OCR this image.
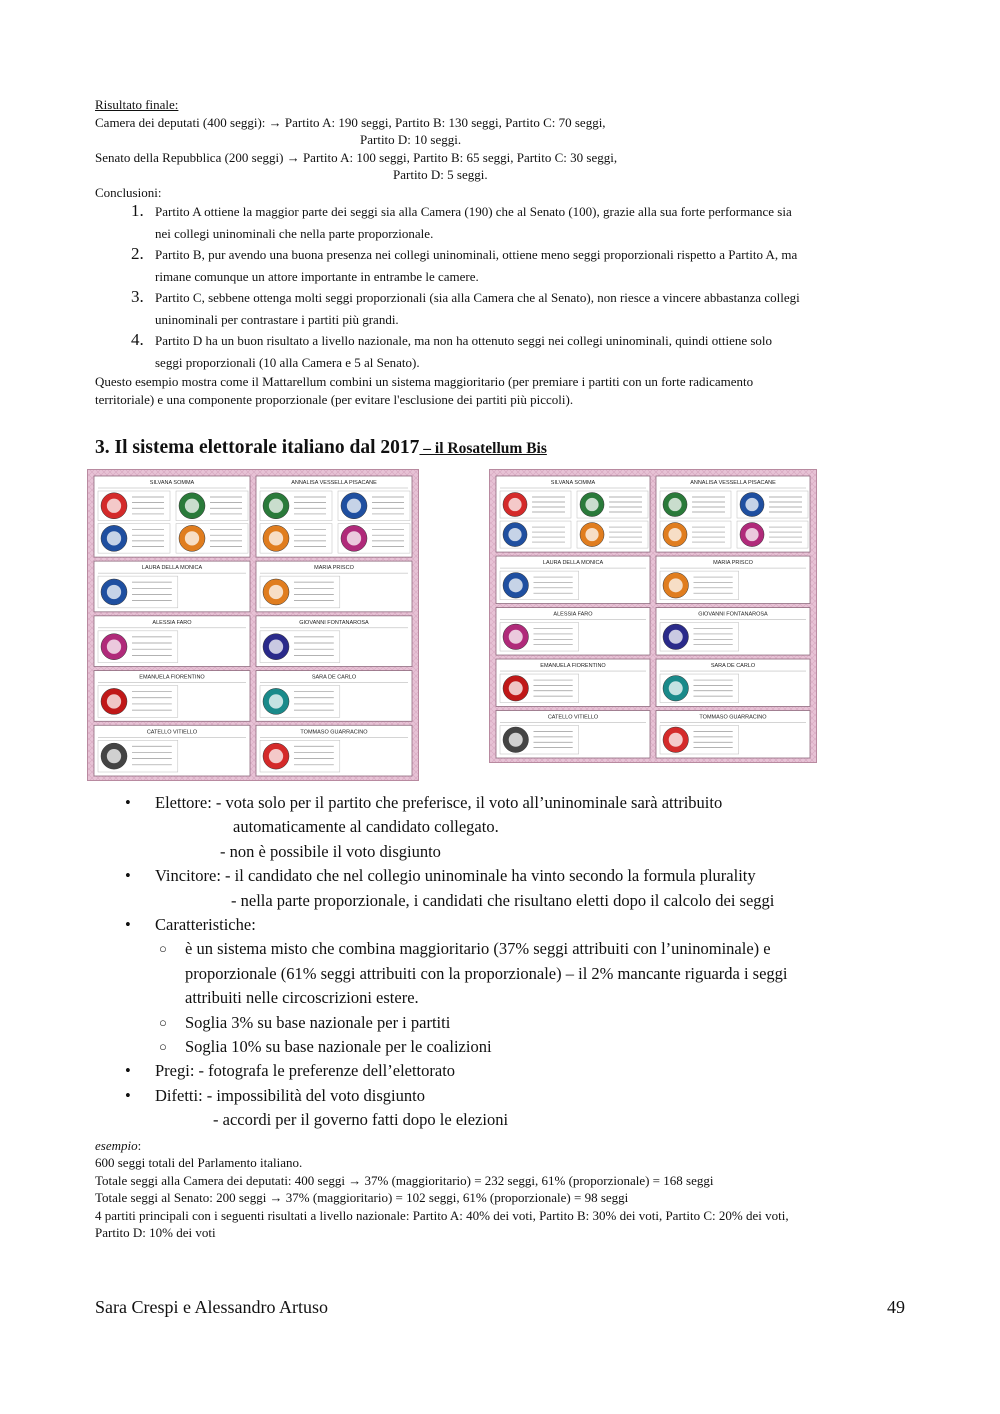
Risultato finale:
Camera dei deputati (400 seggi): → Partito A: 190 seggi, Partito B: 130 seggi, Partito C: 70 seggi,
Partito D: 10 seggi.
Senato della Repubblica (200 seggi) → Partito A: 100 seggi, Partito B: 65 seggi, Partito C: 30 seggi,
Partito D: 5 seggi.
Conclusioni:
1. Partito A ottiene la maggior parte dei seggi sia alla Camera (190) che al Senato (100), grazie alla sua forte performance sia
nei collegi uninominali che nella parte proporzionale.
2. Partito B, pur avendo una buona presenza nei collegi uninominali, ottiene meno seggi proporzionali rispetto a Partito A, ma
rimane comunque un attore importante in entrambe le camere.
3. Partito C, sebbene ottenga molti seggi proporzionali (sia alla Camera che al Senato), non riesce a vincere abbastanza collegi
uninominali per contrastare i partiti più grandi.
4. Partito D ha un buon risultato a livello nazionale, ma non ha ottenuto seggi nei collegi uninominali, quindi ottiene solo
seggi proporzionali (10 alla Camera e 5 al Senato).
Questo esempio mostra come il Mattarellum combini un sistema maggioritario (per premiare i partiti con un forte radicamento
territoriale) e una componente proporzionale (per evitare l'esclusione dei partiti più piccoli).
3. Il sistema elettorale italiano dal 2017 – il Rosatellum Bis
SILVANA SOMMA	ANNALISA VESSELLA PISACANE
LAURA DELLA MONICA	MARIA PRISCO
ALESSIA FARO	GIOVANNI FONTANAROSA
EMANUELA FIORENTINO	SARA DE CARLO
CATELLO VITIELLO	TOMMASO GUARRACINO
SILVANA SOMMA	ANNALISA VESSELLA PISACANE
LAURA DELLA MONICA	MARIA PRISCO
ALESSIA FARO	GIOVANNI FONTANAROSA
EMANUELA FIORENTINO	SARA DE CARLO
CATELLO VITIELLO	TOMMASO GUARRACINO
• Elettore: - vota solo per il partito che preferisce, il voto all’uninominale sarà attribuito
automaticamente al candidato collegato.
- non è possibile il voto disgiunto
• Vincitore: - il candidato che nel collegio uninominale ha vinto secondo la formula plurality
- nella parte proporzionale, i candidati che risultano eletti dopo il calcolo dei seggi
• Caratteristiche:
○ è un sistema misto che combina maggioritario (37% seggi attribuiti con l’uninominale) e
proporzionale (61% seggi attribuiti con la proporzionale) – il 2% mancante riguarda i seggi
attribuiti nelle circoscrizioni estere.
○ Soglia 3% su base nazionale per i partiti
○ Soglia 10% su base nazionale per le coalizioni
• Pregi: - fotografa le preferenze dell’elettorato
• Difetti: - impossibilità del voto disgiunto
- accordi per il governo fatti dopo le elezioni
esempio:
600 seggi totali del Parlamento italiano.
Totale seggi alla Camera dei deputati: 400 seggi → 37% (maggioritario) = 232 seggi, 61% (proporzionale) = 168 seggi
Totale seggi al Senato: 200 seggi → 37% (maggioritario) = 102 seggi, 61% (proporzionale) = 98 seggi
4 partiti principali con i seguenti risultati a livello nazionale: Partito A: 40% dei voti, Partito B: 30% dei voti, Partito C: 20% dei voti,
Partito D: 10% dei voti
Sara Crespi e Alessandro Artuso	49
